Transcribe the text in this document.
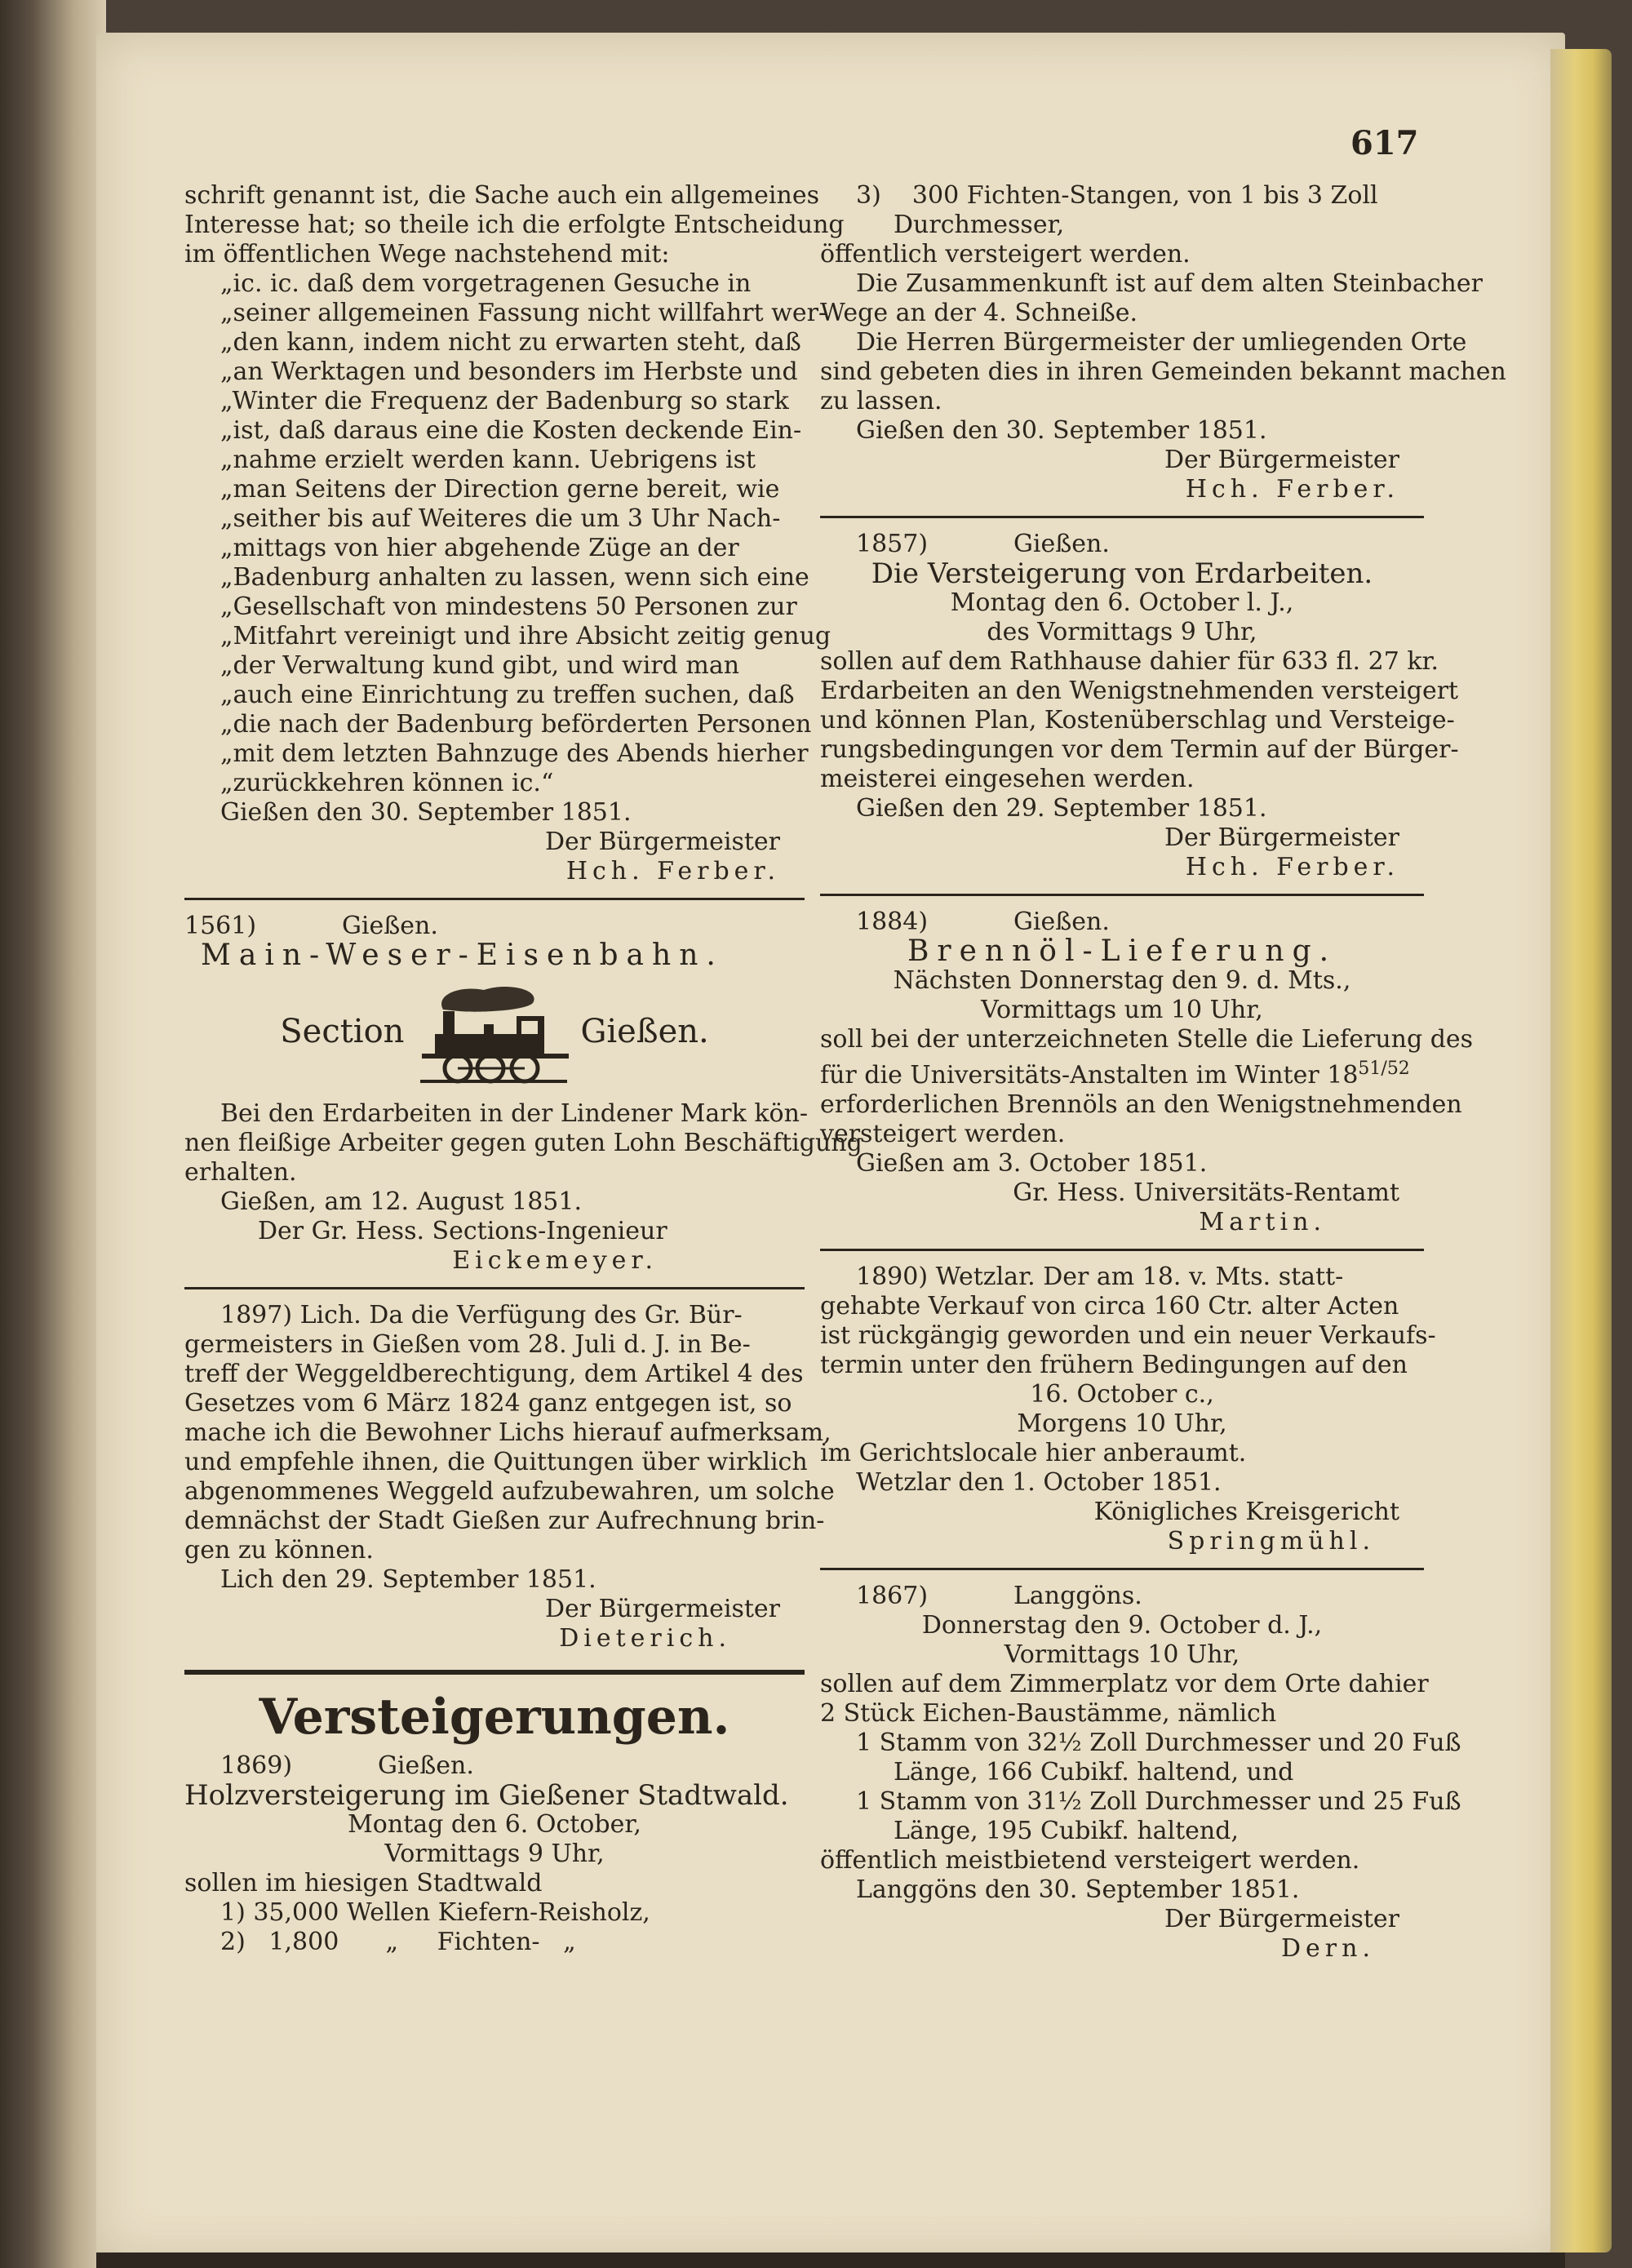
617
schrift genannt ist, die Sache auch ein allgemeines
Interesse hat; so theile ich die erfolgte Entscheidung
im öffentlichen Wege nachstehend mit:
„ic. ic. daß dem vorgetragenen Gesuche in
„seiner allgemeinen Fassung nicht willfahrt wer-
„den kann, indem nicht zu erwarten steht, daß
„an Werktagen und besonders im Herbste und
„Winter die Frequenz der Badenburg so stark
„ist, daß daraus eine die Kosten deckende Ein-
„nahme erzielt werden kann. Uebrigens ist
„man Seitens der Direction gerne bereit, wie
„seither bis auf Weiteres die um 3 Uhr Nach-
„mittags von hier abgehende Züge an der
„Badenburg anhalten zu lassen, wenn sich eine
„Gesellschaft von mindestens 50 Personen zur
„Mitfahrt vereinigt und ihre Absicht zeitig genug
„der Verwaltung kund gibt, und wird man
„auch eine Einrichtung zu treffen suchen, daß
„die nach der Badenburg beförderten Personen
„mit dem letzten Bahnzuge des Abends hierher
„zurückkehren können ic.“
Gießen den 30. September 1851.
Der Bürgermeister
Hch. Ferber.
1561)           Gießen.
Main-Weser-Eisenbahn.
Section	Gießen.
Bei den Erdarbeiten in der Lindener Mark kön-
nen fleißige Arbeiter gegen guten Lohn Beschäftigung
erhalten.
Gießen, am 12. August 1851.
Der Gr. Hess. Sections-Ingenieur
Eickemeyer.
1897) Lich. Da die Verfügung des Gr. Bür-
germeisters in Gießen vom 28. Juli d. J. in Be-
treff der Weggeldberechtigung, dem Artikel 4 des
Gesetzes vom 6 März 1824 ganz entgegen ist, so
mache ich die Bewohner Lichs hierauf aufmerksam,
und empfehle ihnen, die Quittungen über wirklich
abgenommenes Weggeld aufzubewahren, um solche
demnächst der Stadt Gießen zur Aufrechnung brin-
gen zu können.
Lich den 29. September 1851.
Der Bürgermeister
Dieterich.
Versteigerungen.
1869)           Gießen.
Holzversteigerung im Gießener Stadtwald.
Montag den 6. October,
Vormittags 9 Uhr,
sollen im hiesigen Stadtwald
1) 35,000 Wellen Kiefern-Reisholz,
2)   1,800      „     Fichten-   „
3)    300 Fichten-Stangen, von 1 bis 3 Zoll
Durchmesser,
öffentlich versteigert werden.
Die Zusammenkunft ist auf dem alten Steinbacher
Wege an der 4. Schneiße.
Die Herren Bürgermeister der umliegenden Orte
sind gebeten dies in ihren Gemeinden bekannt machen
zu lassen.
Gießen den 30. September 1851.
Der Bürgermeister
Hch. Ferber.
1857)           Gießen.
Die Versteigerung von Erdarbeiten.
Montag den 6. October l. J.,
des Vormittags 9 Uhr,
sollen auf dem Rathhause dahier für 633 fl. 27 kr.
Erdarbeiten an den Wenigstnehmenden versteigert
und können Plan, Kostenüberschlag und Versteige-
rungsbedingungen vor dem Termin auf der Bürger-
meisterei eingesehen werden.
Gießen den 29. September 1851.
Der Bürgermeister
Hch. Ferber.
1884)           Gießen.
Brennöl-Lieferung.
Nächsten Donnerstag den 9. d. Mts.,
Vormittags um 10 Uhr,
soll bei der unterzeichneten Stelle die Lieferung des
für die Universitäts-Anstalten im Winter $18^{51/52}$
erforderlichen Brennöls an den Wenigstnehmenden
versteigert werden.
Gießen am 3. October 1851.
Gr. Hess. Universitäts-Rentamt
Martin.
1890) Wetzlar. Der am 18. v. Mts. statt-
gehabte Verkauf von circa 160 Ctr. alter Acten
ist rückgängig geworden und ein neuer Verkaufs-
termin unter den frühern Bedingungen auf den
16. October c.,
Morgens 10 Uhr,
im Gerichtslocale hier anberaumt.
Wetzlar den 1. October 1851.
Königliches Kreisgericht
Springmühl.
1867)           Langgöns.
Donnerstag den 9. October d. J.,
Vormittags 10 Uhr,
sollen auf dem Zimmerplatz vor dem Orte dahier
2 Stück Eichen-Baustämme, nämlich
1 Stamm von 32½ Zoll Durchmesser und 20 Fuß
Länge, 166 Cubikf. haltend, und
1 Stamm von 31½ Zoll Durchmesser und 25 Fuß
Länge, 195 Cubikf. haltend,
öffentlich meistbietend versteigert werden.
Langgöns den 30. September 1851.
Der Bürgermeister
Dern.
